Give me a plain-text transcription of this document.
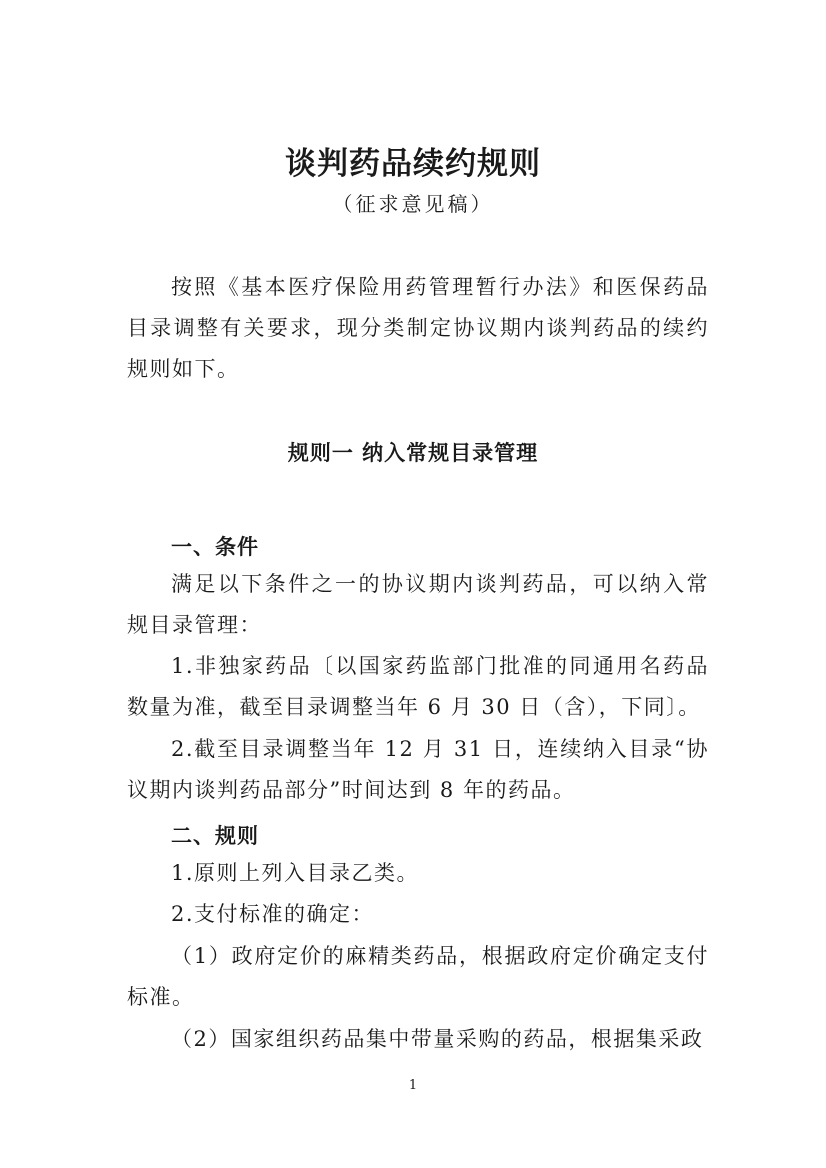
谈判药品续约规则
（征求意见稿）
按照《基本医疗保险用药管理暂行办法》和医保药品目录调整有关要求，现分类制定协议期内谈判药品的续约规则如下。
规则一 纳入常规目录管理
一、条件
满足以下条件之一的协议期内谈判药品，可以纳入常规目录管理：
1.非独家药品〔以国家药监部门批准的同通用名药品数量为准，截至目录调整当年 6 月 30 日（含），下同〕。
2.截至目录调整当年 12 月 31 日，连续纳入目录“协议期内谈判药品部分”时间达到 8 年的药品。
二、规则
1.原则上列入目录乙类。
2.支付标准的确定：
（1）政府定价的麻精类药品，根据政府定价确定支付标准。
（2）国家组织药品集中带量采购的药品，根据集采政
1
